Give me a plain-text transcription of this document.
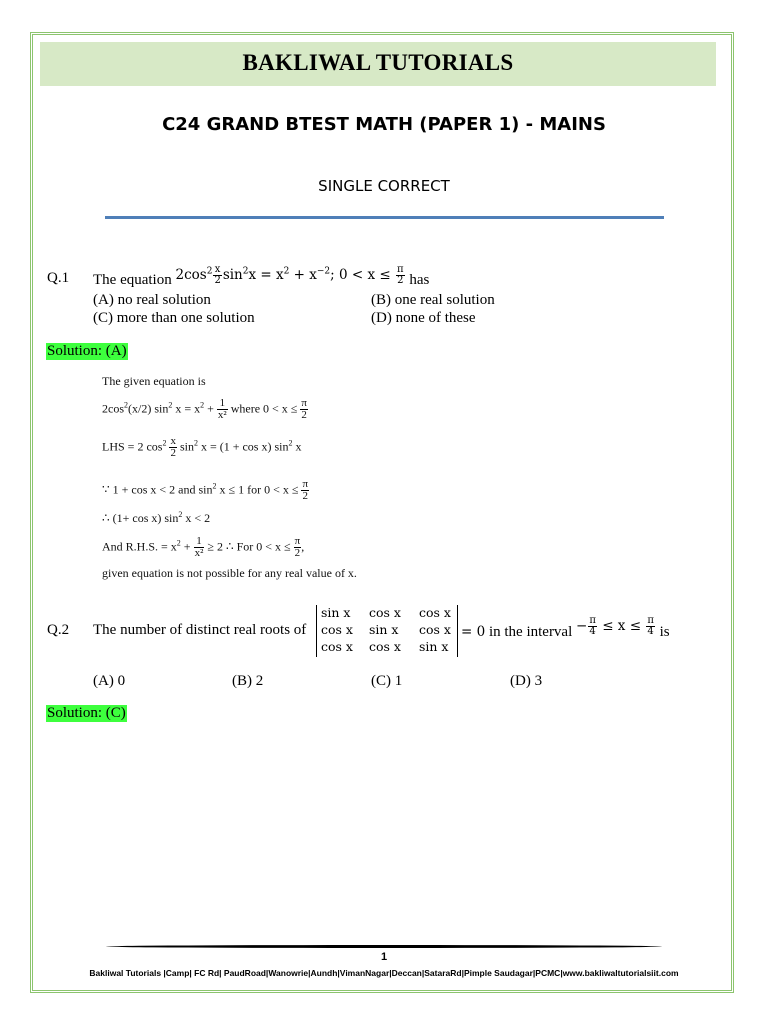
BAKLIWAL TUTORIALS
C24 GRAND BTEST MATH (PAPER 1) - MAINS
SINGLE CORRECT
Q.1 The equation $2\cos^2 \frac{x}{2} \sin^2x = x^2 + x^{-2}$; $0 < x \le \frac{\pi}{2}$ has
(A) no real solution	(B) one real solution
(C) more than one solution	(D) none of these
Solution: (A)
The given equation is
$2\cos^2(x/2)$ $\sin^2 x = x^2 + \frac{1}{\text{x²}}$ where $0 < x \le \frac{\pi}{2}$
LHS = 2 $\cos^2 \frac{x}{2} \sin^2 x = (1 + \cos x)$ $\sin^2 x$
∵ 1 + cos x < 2 and $\sin^2 x \le 1$ for $0 < x \le \frac{\pi}{2}$
∴ (1+ cos x) $\sin^2 x < 2$
And R.H.S. = $x^2 + \frac{1}{\text{x²}} \ge 2$ ∴ For $0 < x \le \frac{\pi}{2}$ ,
given equation is not possible for any real value of x.
Q.2 The number of distinct real roots of
sin x cos x cos x
cos x sin x cos x
cos x cos x sin x
= 0 in the interval − $\frac{\pi}{4} \le x \le \frac{\pi}{4}$ is
(A) 0	(B) 2	(C) 1	(D) 3
Solution: (C)
1
Bakliwal Tutorials |Camp| FC Rd| PaudRoad|Wanowrie|Aundh|VimanNagar|Deccan|SataraRd|Pimple Saudagar|PCMC|www.bakliwaltutorialsiit.com
